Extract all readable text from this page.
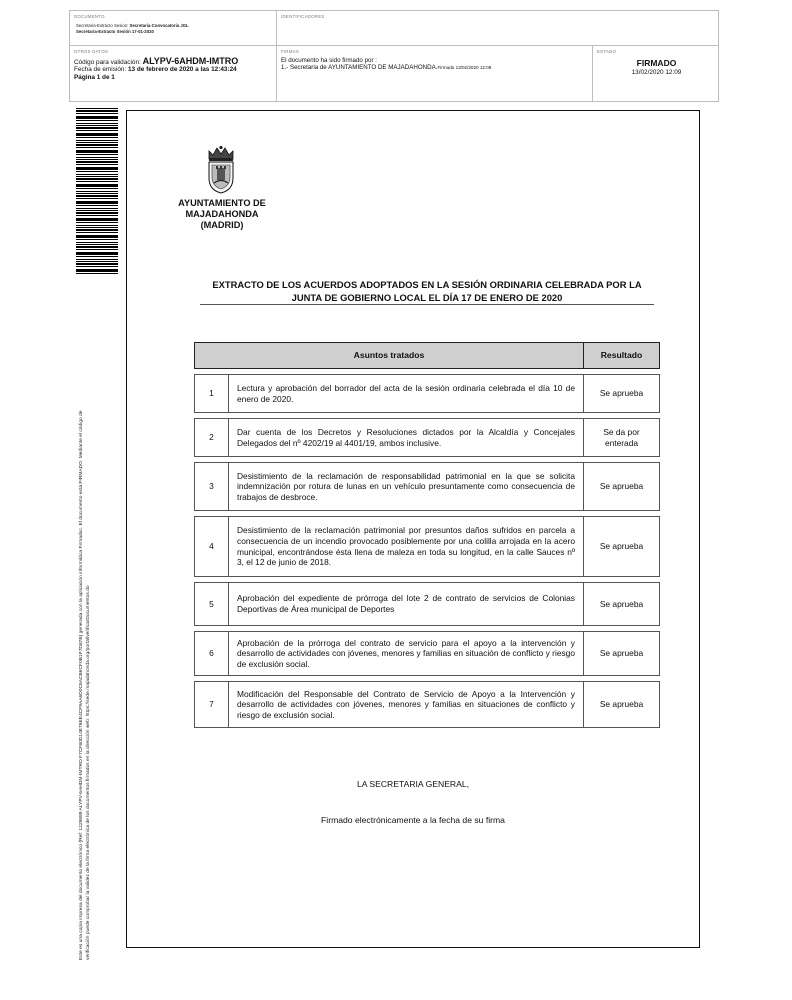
DOCUMENTO
Secretaria-Extracto Sesion: Secretaria-Convocatoria JGL
Secretaria-Extracto Sesión 17-01-2020
IDENTIFICADORES
OTROS DATOS
Código para validación: ALYPV-6AHDM-IMTRO
Fecha de emisión: 13 de febrero de 2020 a las 12:43:24
Página 1 de 1
FIRMAS
El documento ha sido firmado por :
1.- Secretaria de AYUNTAMIENTO DE MAJADAHONDA.Firmado 13/02/2020 12:09
ESTADO
FIRMADO
13/02/2020 12:09
Este es una copia impresa del documento electrónico (Ref: 1229899 ALYPV-6AHDM-IMTRO F7CF80D14E76EE4CF9AA6D0C6ACB6CF0B1F7D87B) generada con la aplicación informática Firmadoc. El documento está FIRMADO. Mediante el código de verificación puede comprobar la validez de la firma electrónica de los documentos firmados en la dirección web: https://sede.majadahonda.org/portal/verificarDocumentos.do
AYUNTAMIENTO DE
MAJADAHONDA
(MADRID)
EXTRACTO DE LOS ACUERDOS ADOPTADOS EN LA SESIÓN ORDINARIA CELEBRADA POR LA
JUNTA DE GOBIERNO LOCAL EL DÍA 17 DE ENERO DE 2020
Asuntos tratados		Resultado

1	Lectura y aprobación del borrador del acta de la sesión ordinaria celebrada el día 10 de enero de 2020.	Se aprueba

2	Dar cuenta de los Decretos y Resoluciones dictados por la Alcaldía y Concejales Delegados del nº 4202/19 al 4401/19, ambos inclusive.	Se da por enterada

3	Desistimiento de la reclamación de responsabilidad patrimonial en la que se solicita indemnización por rotura de lunas en un vehículo presuntamente como consecuencia de trabajos de desbroce.	Se aprueba

4	Desistimiento de la reclamación patrimonial por presuntos daños sufridos en parcela a consecuencia de un incendio provocado posiblemente por una colilla arrojada en la acero municipal, encontrándose ésta llena de maleza en toda su longitud, en la calle Sauces nº 3, el 12 de junio de 2018.	Se aprueba

5	Aprobación del expediente de prórroga del lote 2 de contrato de servicios de Colonias Deportivas de Área municipal de Deportes	Se aprueba

6	Aprobación de la prórroga del contrato de servicio para el apoyo a la intervención y desarrollo de actividades con jóvenes, menores y familias en situación de conflicto y riesgo de exclusión social.	Se aprueba

7	Modificación del Responsable del Contrato de Servicio de Apoyo a la Intervención y desarrollo de actividades con jóvenes, menores y familias en situaciones de conflicto y riesgo de exclusión social.	Se aprueba
LA SECRETARIA GENERAL,
Firmado electrónicamente a la fecha de su firma
